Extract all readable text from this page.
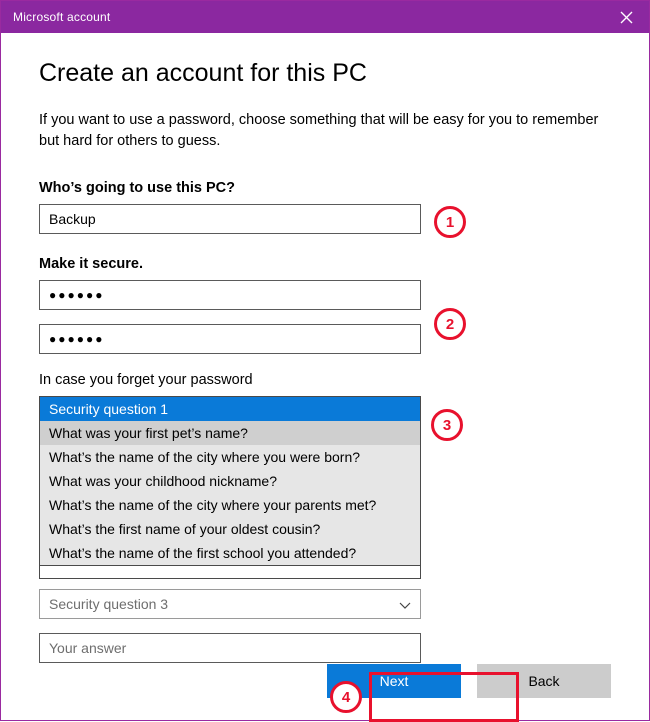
Microsoft account
Create an account for this PC

If you want to use a password, choose something that will be easy for you to remember but hard for others to guess.

Who’s going to use this PC?
Backup
Make it secure.
●●●●●●
●●●●●●
In case you forget your password
Security question 1
What was your first pet’s name?
What’s the name of the city where you were born?
What was your childhood nickname?
What’s the name of the city where your parents met?
What’s the first name of your oldest cousin?
What’s the name of the first school you attended?
Security question 3
Your answer
Next	Back
1
2
3
4
